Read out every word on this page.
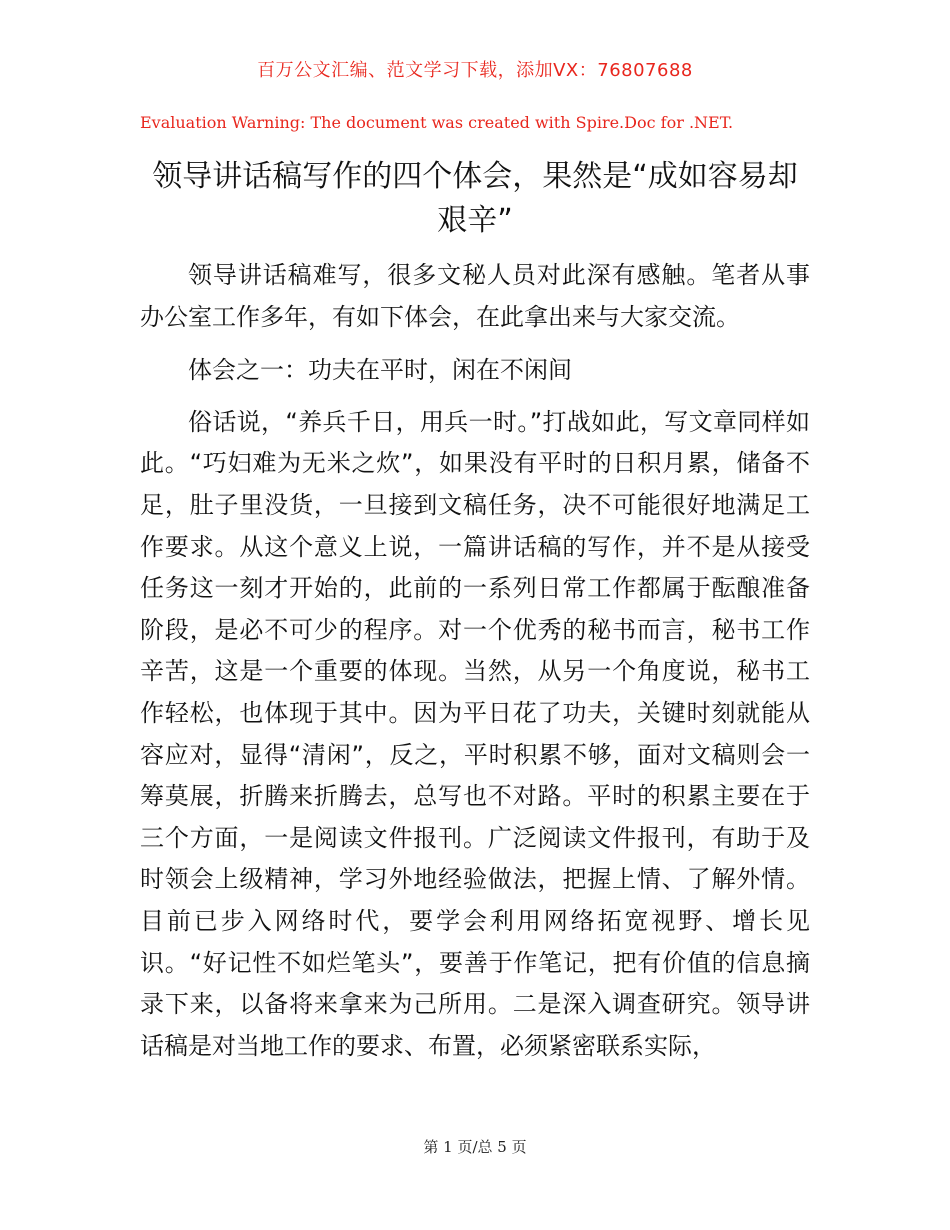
百万公文汇编、范文学习下载，添加VX：76807688
Evaluation Warning: The document was created with Spire.Doc for .NET.
领导讲话稿写作的四个体会，果然是“成如容易却艰辛”

领导讲话稿难写，很多文秘人员对此深有感触。笔者从事办公室工作多年，有如下体会，在此拿出来与大家交流。

体会之一：功夫在平时，闲在不闲间

俗话说，“养兵千日，用兵一时。”打战如此，写文章同样如此。“巧妇难为无米之炊”，如果没有平时的日积月累，储备不足，肚子里没货，一旦接到文稿任务，决不可能很好地满足工作要求。从这个意义上说，一篇讲话稿的写作，并不是从接受任务这一刻才开始的，此前的一系列日常工作都属于酝酿准备阶段，是必不可少的程序。对一个优秀的秘书而言，秘书工作辛苦，这是一个重要的体现。当然，从另一个角度说，秘书工作轻松，也体现于其中。因为平日花了功夫，关键时刻就能从容应对，显得“清闲”，反之，平时积累不够，面对文稿则会一筹莫展，折腾来折腾去，总写也不对路。平时的积累主要在于三个方面，一是阅读文件报刊。广泛阅读文件报刊，有助于及时领会上级精神，学习外地经验做法，把握上情、了解外情。目前已步入网络时代，要学会利用网络拓宽视野、增长见识。“好记性不如烂笔头”，要善于作笔记，把有价值的信息摘录下来，以备将来拿来为己所用。二是深入调查研究。领导讲话稿是对当地工作的要求、布置，必须紧密联系实际，

第 1 页/总 5 页
